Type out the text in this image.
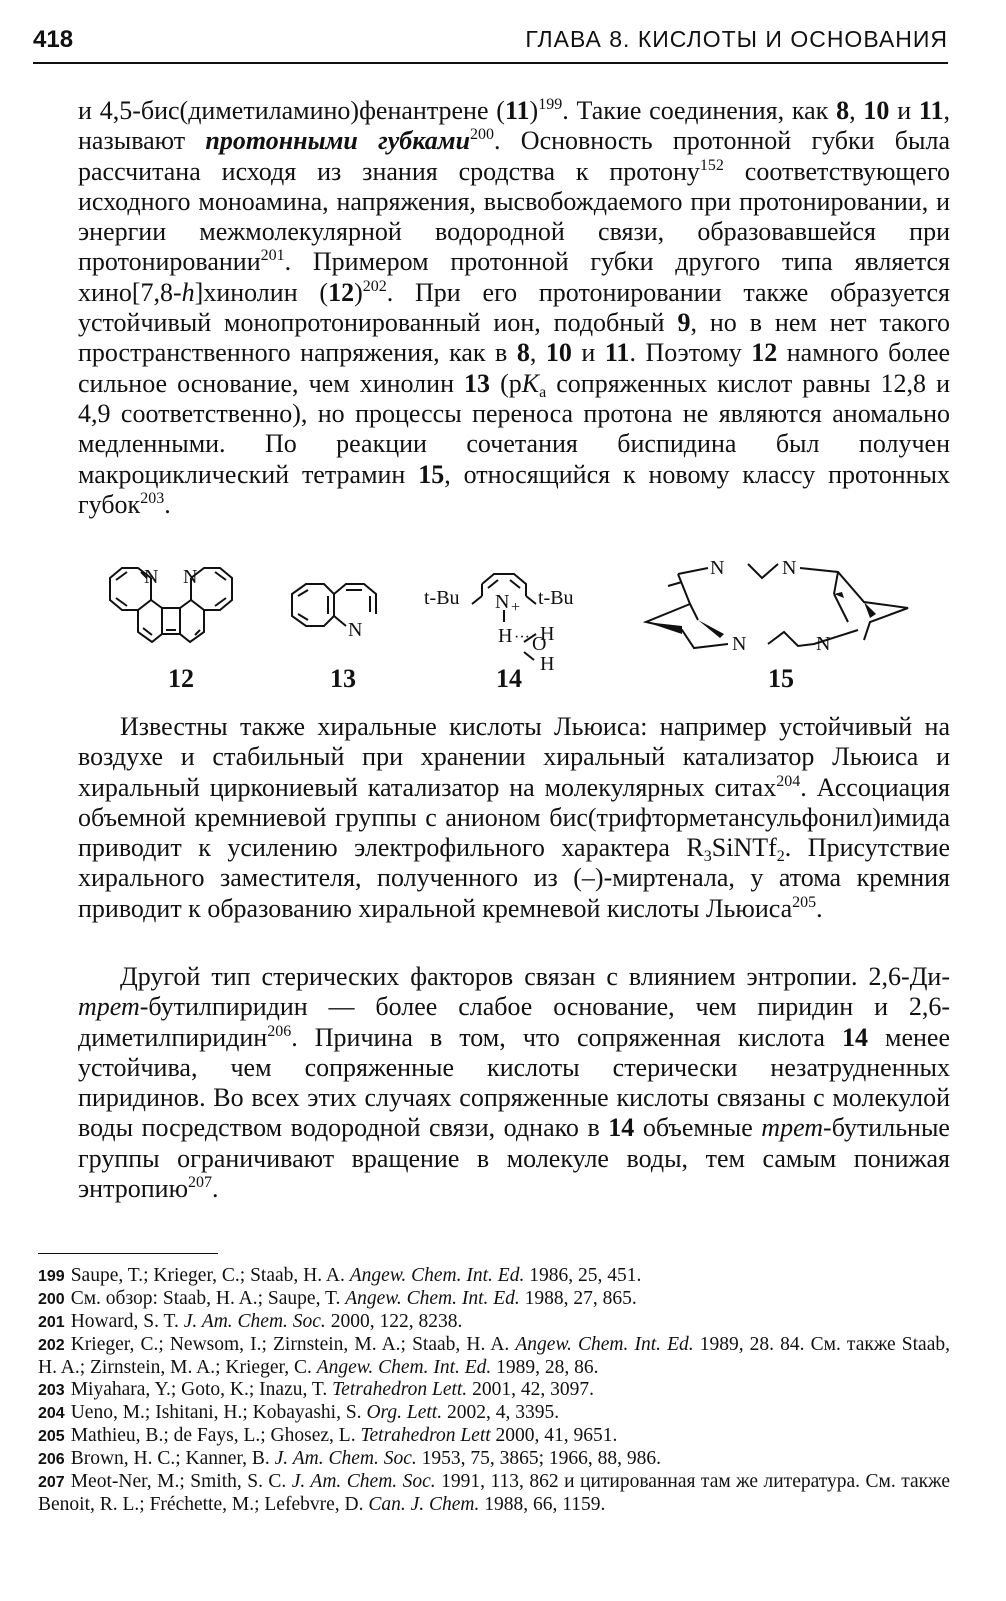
418	ГЛАВА 8. КИСЛОТЫ И ОСНОВАНИЯ

и 4,5-бис(диметиламино)фенантрене $(11)^{199}$. Такие соединения, как 8, 10 и 11, называют протонными губками$^{200}$. Основность протонной губки была рассчитана исходя из знания сродства к протону$^{152}$ соответствующего исходного моноамина, напряжения, высвобождаемого при протонировании, и энергии межмолекулярной водородной связи, образовавшейся при протонировании$^{201}$. Примером протонной губки другого типа является хино[7,8-h]хинолин $(12)^{202}$. При его протонировании также образуется устойчивый монопротонированный ион, подобный 9, но в нем нет такого пространственного напряжения, как в 8, 10 и 11. Поэтому 12 намного более сильное основание, чем хинолин 13 ($pK_a$ сопряженных кислот равны 12,8 и 4,9 соответственно), но процессы переноса протона не являются аномально медленными. По реакции сочетания биспидина был получен макроциклический тетрамин 15, относящийся к новому классу протонных губок$^{203}$.

N N
N
t-Bu N + t-Bu
H ··· O
H
H
N	N
N	N
12	13	14	15

Известны также хиральные кислоты Льюиса: например устойчивый на воздухе и стабильный при хранении хиральный катализатор Льюиса и хиральный циркониевый катализатор на молекулярных ситах$^{204}$. Ассоциация объемной кремниевой группы с анионом бис(трифторметансульфонил)имида приводит к усилению электрофильного характера $R_3SiNTf_2$. Присутствие хирального заместителя, полученного из (–)-миртенала, у атома кремния приводит к образованию хиральной кремневой кислоты Льюиса$^{205}$.

Другой тип стерических факторов связан с влиянием энтропии. 2,6-Ди-трет-бутилпиридин — более слабое основание, чем пиридин и 2,6-диметилпиридин$^{206}$. Причина в том, что сопряженная кислота 14 менее устойчива, чем сопряженные кислоты стерически незатрудненных пиридинов. Во всех этих случаях сопряженные кислоты связаны с молекулой воды посредством водородной связи, однако в 14 объемные трет-бутильные группы ограничивают вращение в молекуле воды, тем самым понижая энтропию$^{207}$.

199 Saupe, T.; Krieger, C.; Staab, H. A. Angew. Chem. Int. Ed. 1986, 25, 451.

200 См. обзор: Staab, H. A.; Saupe, T. Angew. Chem. Int. Ed. 1988, 27, 865.

201 Howard, S. T. J. Am. Chem. Soc. 2000, 122, 8238.

202 Krieger, C.; Newsom, I.; Zirnstein, M. A.; Staab, H. A. Angew. Chem. Int. Ed. 1989, 28. 84. См. также Staab, H. A.; Zirnstein, M. A.; Krieger, C. Angew. Chem. Int. Ed. 1989, 28, 86.

203 Miyahara, Y.; Goto, K.; Inazu, T. Tetrahedron Lett. 2001, 42, 3097.

204 Ueno, M.; Ishitani, H.; Kobayashi, S. Org. Lett. 2002, 4, 3395.

205 Mathieu, B.; de Fays, L.; Ghosez, L. Tetrahedron Lett 2000, 41, 9651.

206 Brown, H. C.; Kanner, B. J. Am. Chem. Soc. 1953, 75, 3865; 1966, 88, 986.

207 Meot-Ner, M.; Smith, S. C. J. Am. Chem. Soc. 1991, 113, 862 и цитированная там же литература. См. также Benoit, R. L.; Fréchette, M.; Lefebvre, D. Can. J. Chem. 1988, 66, 1159.
